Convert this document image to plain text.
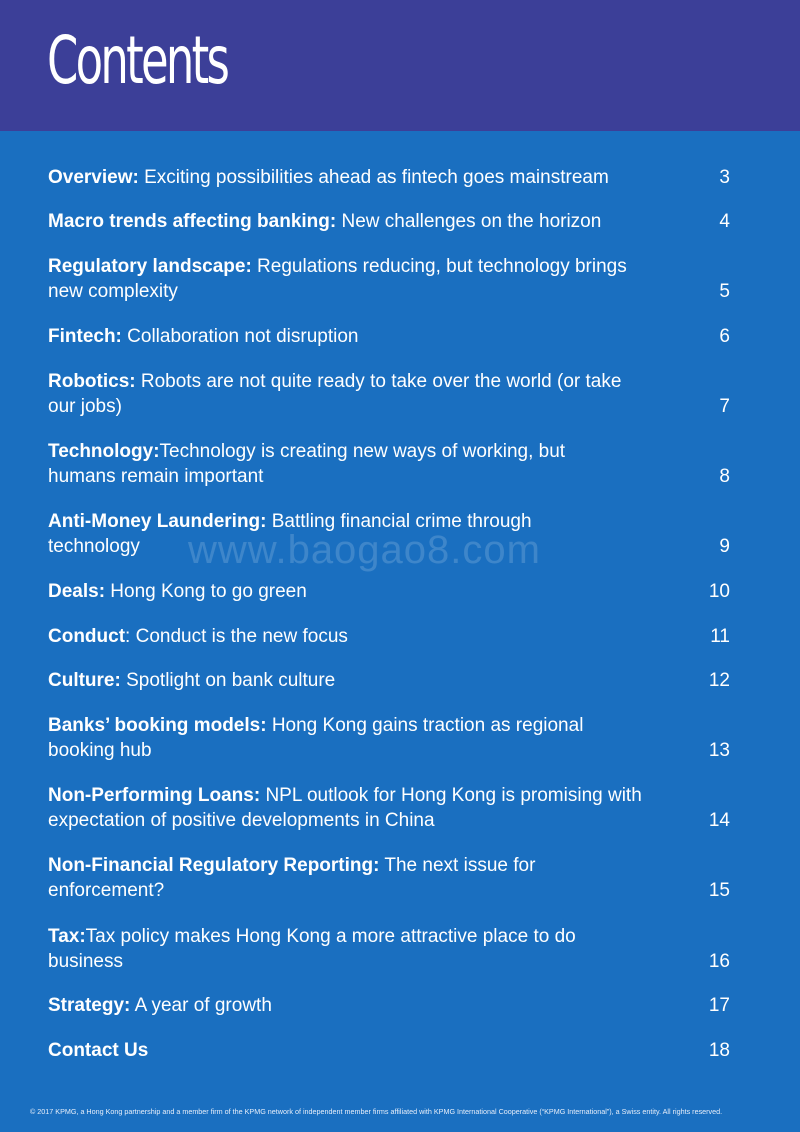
Contents
Overview: Exciting possibilities ahead as fintech goes mainstream	3
Macro trends affecting banking: New challenges on the horizon	4
Regulatory landscape: Regulations reducing, but technology brings new complexity	5
Fintech: Collaboration not disruption	6
Robotics: Robots are not quite ready to take over the world (or take our jobs)	7
Technology:Technology is creating new ways of working, but humans remain important	8
Anti-Money Laundering: Battling financial crime through technology	9
Deals: Hong Kong to go green	10
Conduct: Conduct is the new focus	11
Culture: Spotlight on bank culture	12
Banks’ booking models: Hong Kong gains traction as regional booking hub	13
Non-Performing Loans: NPL outlook for Hong Kong is promising with expectation of positive developments in China	14
Non-Financial Regulatory Reporting: The next issue for enforcement?	15
Tax:Tax policy makes Hong Kong a more attractive place to do business	16
Strategy: A year of growth	17
Contact Us	18
www.baogao8.com
© 2017 KPMG, a Hong Kong partnership and a member firm of the KPMG network of independent member firms affiliated with KPMG International Cooperative (“KPMG International”), a Swiss entity. All rights reserved.
